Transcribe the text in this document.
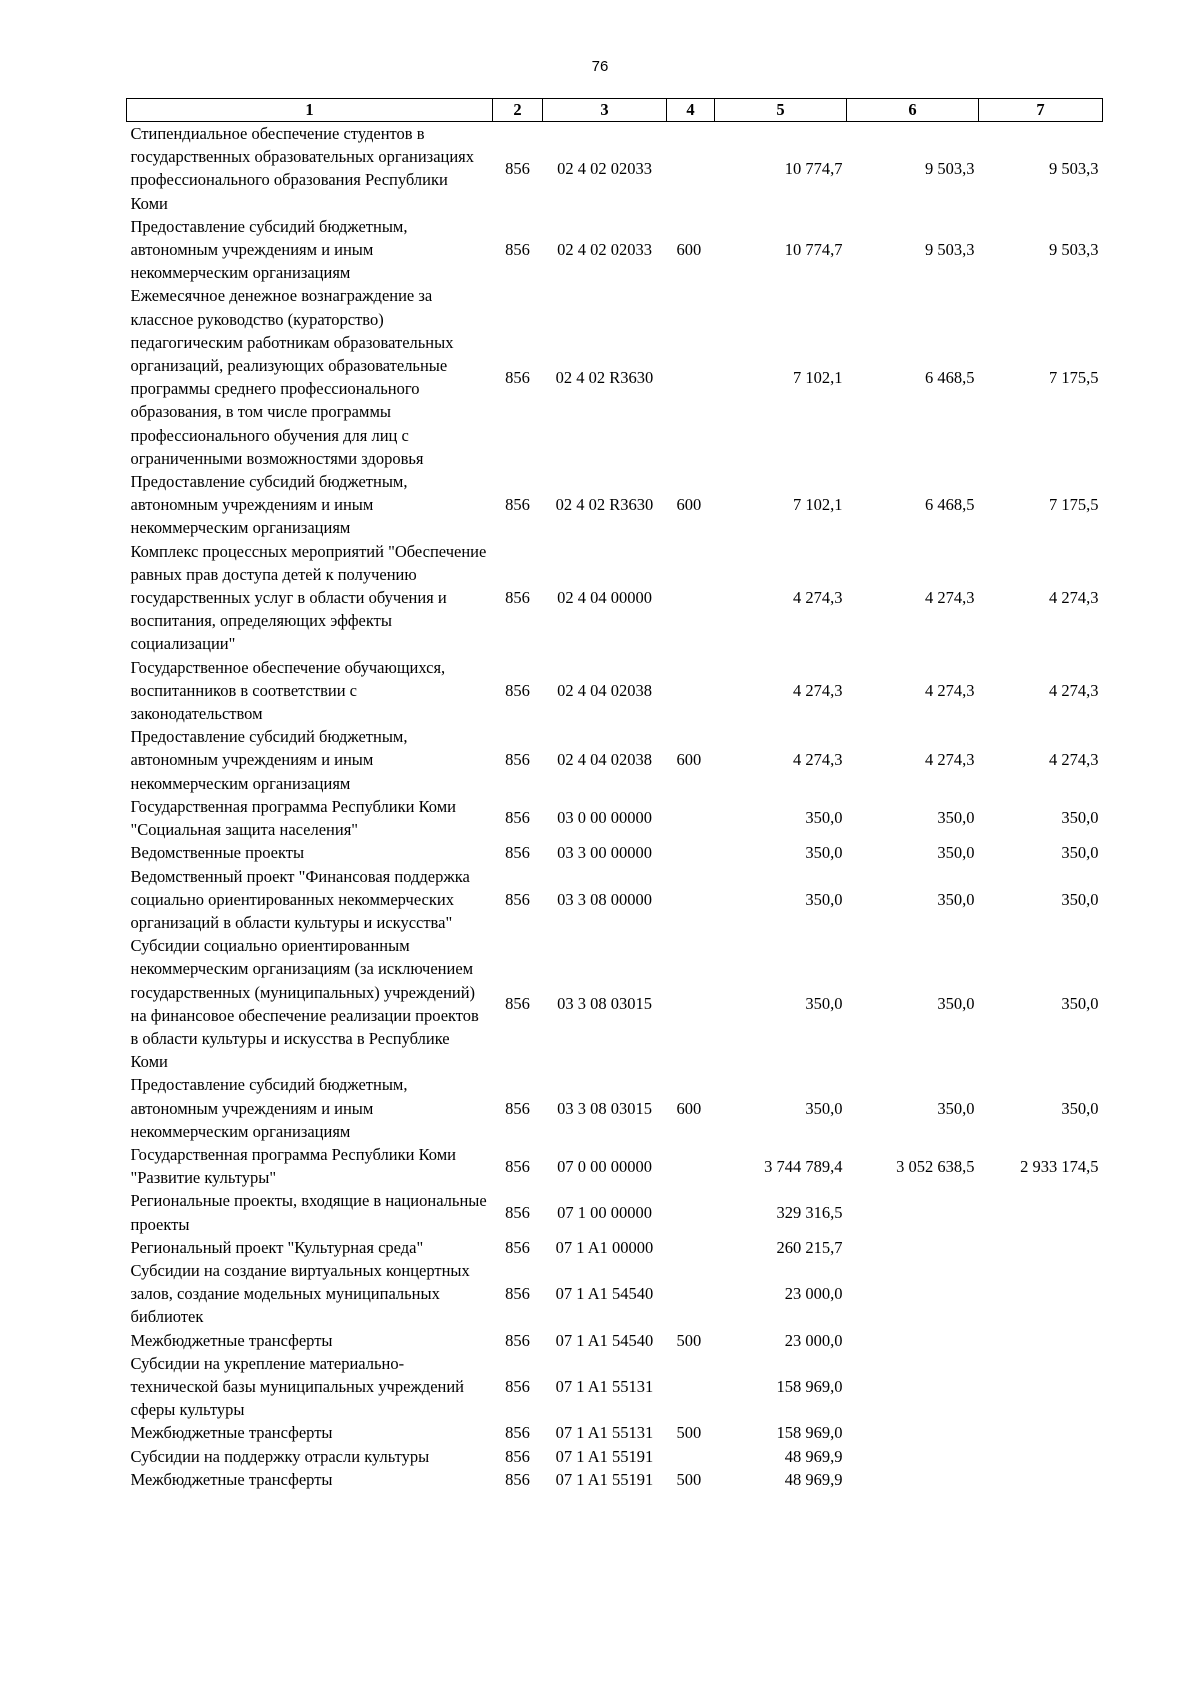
76
1	2	3	4	5	6	7
Стипендиальное обеспечение студентов в государственных образовательных организациях профессионального образования Республики Коми	856	02 4 02 02033		10 774,7	9 503,3	9 503,3
Предоставление субсидий бюджетным, автономным учреждениям и иным некоммерческим организациям	856	02 4 02 02033	600	10 774,7	9 503,3	9 503,3
Ежемесячное денежное вознаграждение за классное руководство (кураторство) педагогическим работникам образовательных организаций, реализующих образовательные программы среднего профессионального образования, в том числе программы профессионального обучения для лиц с ограниченными возможностями здоровья	856	02 4 02 R3630		7 102,1	6 468,5	7 175,5
Предоставление субсидий бюджетным, автономным учреждениям и иным некоммерческим организациям	856	02 4 02 R3630	600	7 102,1	6 468,5	7 175,5
Комплекс процессных мероприятий "Обеспечение равных прав доступа детей к получению государственных услуг в области обучения и воспитания, определяющих эффекты социализации"	856	02 4 04 00000		4 274,3	4 274,3	4 274,3
Государственное обеспечение обучающихся, воспитанников в соответствии с законодательством	856	02 4 04 02038		4 274,3	4 274,3	4 274,3
Предоставление субсидий бюджетным, автономным учреждениям и иным некоммерческим организациям	856	02 4 04 02038	600	4 274,3	4 274,3	4 274,3
Государственная программа Республики Коми "Социальная защита населения"	856	03 0 00 00000		350,0	350,0	350,0
Ведомственные проекты	856	03 3 00 00000		350,0	350,0	350,0
Ведомственный проект "Финансовая поддержка социально ориентированных некоммерческих организаций в области культуры и искусства"	856	03 3 08 00000		350,0	350,0	350,0
Субсидии социально ориентированным некоммерческим организациям (за исключением государственных (муниципальных) учреждений) на финансовое обеспечение реализации проектов в области культуры и искусства в Республике Коми	856	03 3 08 03015		350,0	350,0	350,0
Предоставление субсидий бюджетным, автономным учреждениям и иным некоммерческим организациям	856	03 3 08 03015	600	350,0	350,0	350,0
Государственная программа Республики Коми "Развитие культуры"	856	07 0 00 00000		3 744 789,4	3 052 638,5	2 933 174,5
Региональные проекты, входящие в национальные проекты	856	07 1 00 00000		329 316,5		
Региональный проект "Культурная среда"	856	07 1 A1 00000		260 215,7		
Субсидии на создание виртуальных концертных залов, создание модельных муниципальных библиотек	856	07 1 A1 54540		23 000,0		
Межбюджетные трансферты	856	07 1 A1 54540	500	23 000,0		
Субсидии на укрепление материально-технической базы муниципальных учреждений сферы культуры	856	07 1 A1 55131		158 969,0		
Межбюджетные трансферты	856	07 1 A1 55131	500	158 969,0		
Субсидии на поддержку отрасли культуры	856	07 1 A1 55191		48 969,9		
Межбюджетные трансферты	856	07 1 A1 55191	500	48 969,9		
